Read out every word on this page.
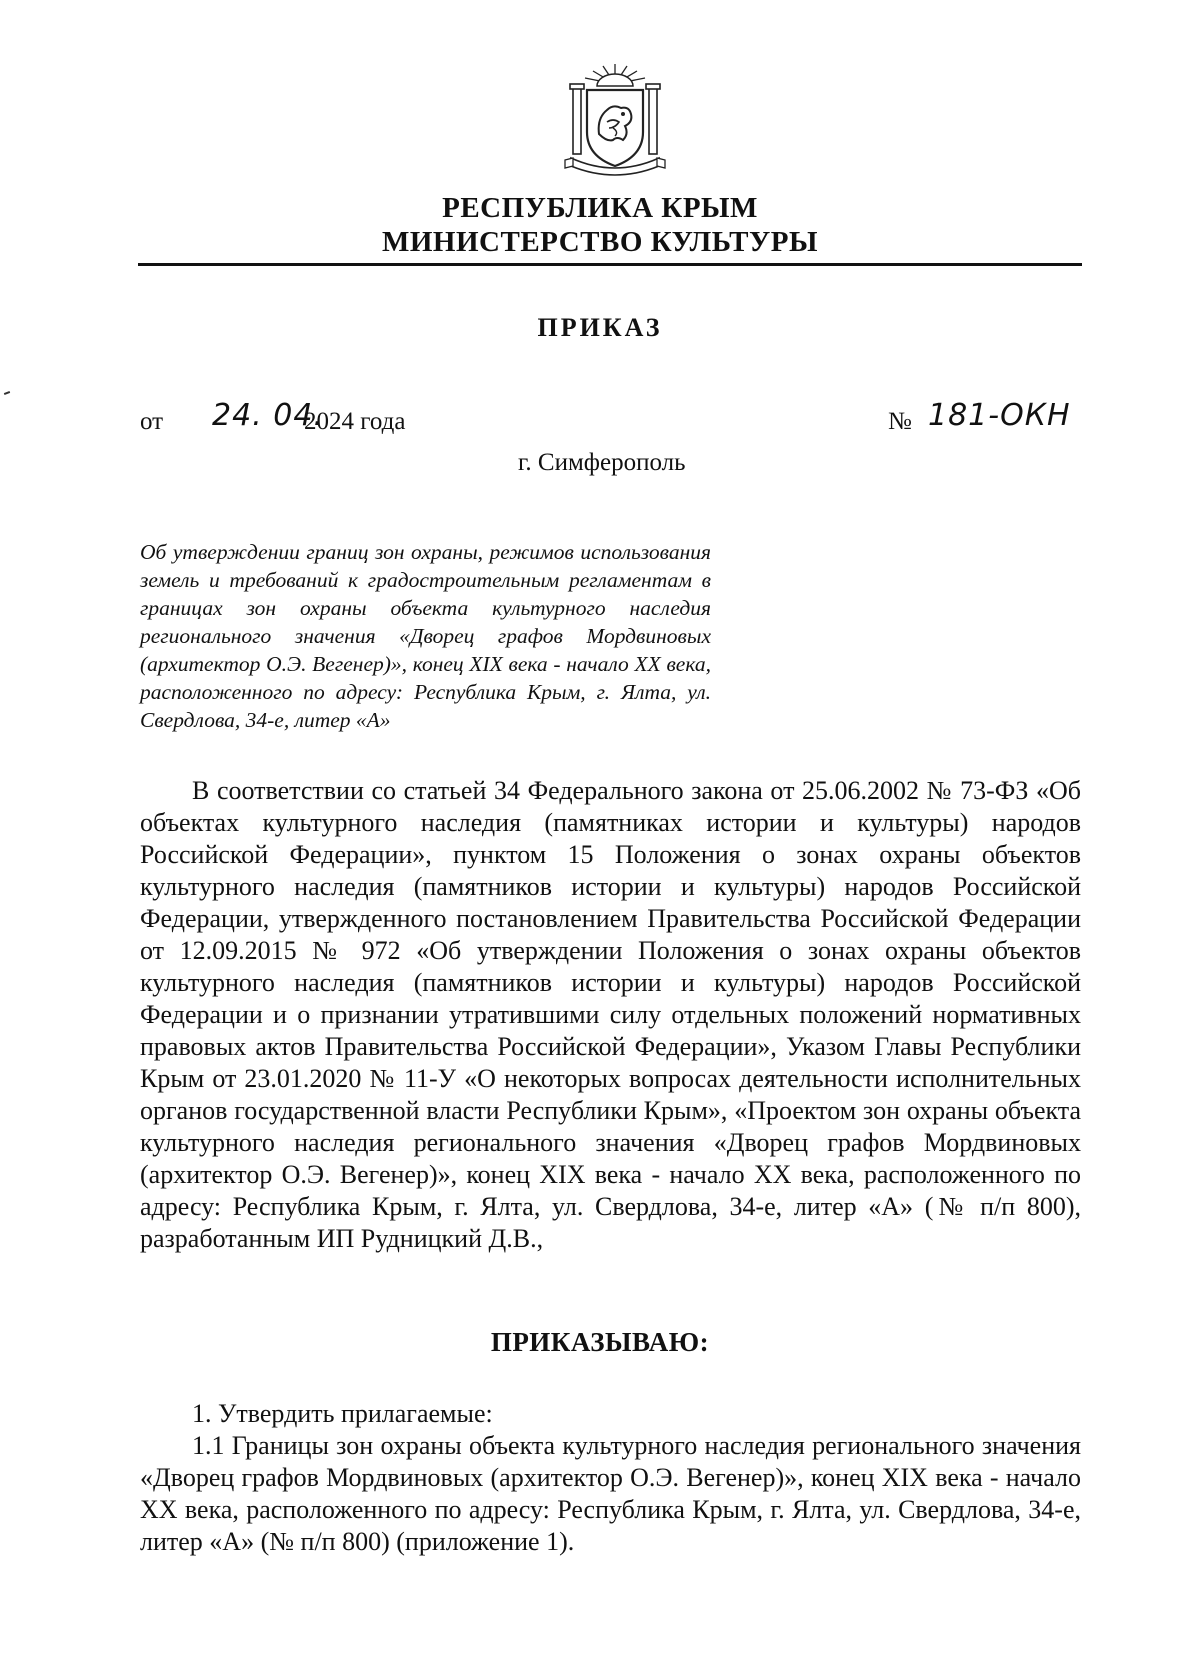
РЕСПУБЛИКА КРЫМ
МИНИСТЕРСТВО КУЛЬТУРЫ
ПРИКАЗ
от 24. 04.
2024 года	№ 181-ОКН
г. Симферополь
Об утверждении границ зон охраны, режимов использования земель и требований к градостроительным регламентам в границах зон охраны объекта культурного наследия регионального значения «Дворец графов Мордвиновых (архитектор О.Э. Вегенер)», конец XIX века - начало XX века, расположенного по адресу: Республика Крым, г. Ялта, ул. Свердлова, 34-е, литер «А»

В соответствии со статьей 34 Федерального закона от 25.06.2002 № 73-ФЗ «Об объектах культурного наследия (памятниках истории и культуры) народов Российской Федерации», пунктом 15 Положения о зонах охраны объектов культурного наследия (памятников истории и культуры) народов Российской Федерации, утвержденного постановлением Правительства Российской Федерации от 12.09.2015 № 972 «Об утверждении Положения о зонах охраны объектов культурного наследия (памятников истории и культуры) народов Российской Федерации и о признании утратившими силу отдельных положений нормативных правовых актов Правительства Российской Федерации», Указом Главы Республики Крым от 23.01.2020 № 11-У «О некоторых вопросах деятельности исполнительных органов государственной власти Республики Крым», «Проектом зон охраны объекта культурного наследия регионального значения «Дворец графов Мордвиновых (архитектор О.Э. Вегенер)», конец XIX века - начало XX века, расположенного по адресу: Республика Крым, г. Ялта, ул. Свердлова, 34-е, литер «А» (№ п/п 800), разработанным ИП Рудницкий Д.В.,

ПРИКАЗЫВАЮ:

1. Утвердить прилагаемые:

1.1 Границы зон охраны объекта культурного наследия регионального значения «Дворец графов Мордвиновых (архитектор О.Э. Вегенер)», конец XIX века - начало XX века, расположенного по адресу: Республика Крым, г. Ялта, ул. Свердлова, 34-е, литер «А» (№ п/п 800) (приложение 1).
